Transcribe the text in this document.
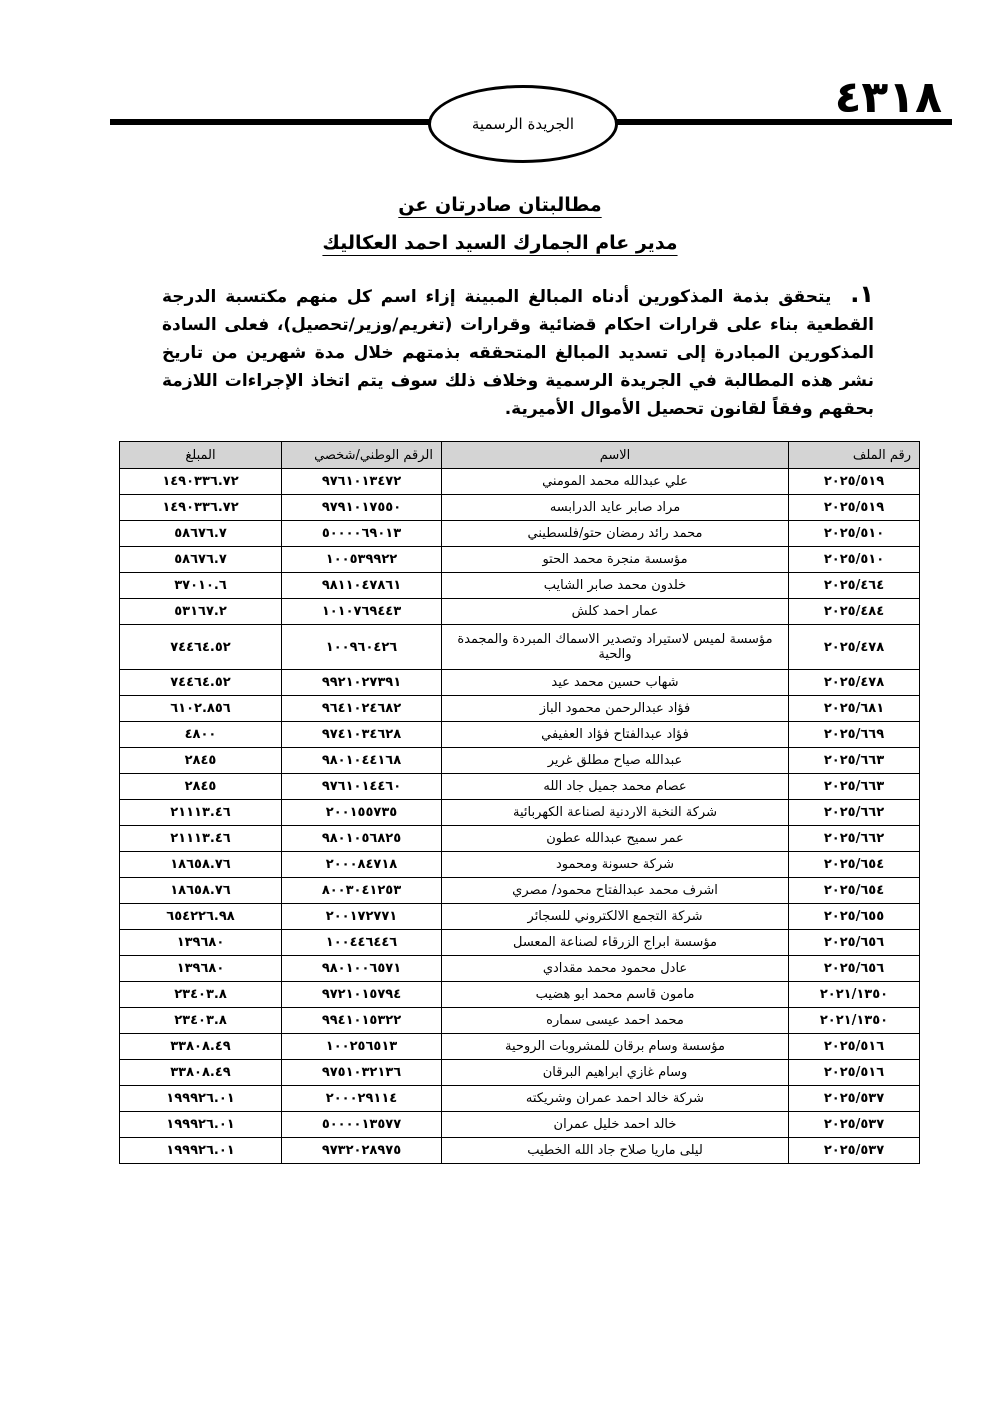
الجريدة الرسمية
٤٣١٨
مطالبتان صادرتان عن
مدير عام الجمارك السيد احمد العكاليك
١. يتحقق بذمة المذكورين أدناه المبالغ المبينة إزاء اسم كل منهم مكتسبة الدرجة القطعية بناء على قرارات احكام قضائية وقرارات (تغريم/وزير/تحصيل)، فعلى السادة المذكورين المبادرة إلى تسديد المبالغ المتحققه بذمتهم خلال مدة شهرين من تاريخ نشر هذه المطالبة في الجريدة الرسمية وخلاف ذلك سوف يتم اتخاذ الإجراءات اللازمة بحقهم وفقاً لقانون تحصيل الأموال الأميرية.
رقم الملف	الاسم	الرقم الوطني/شخصي	المبلغ
٢٠٢٥/٥١٩	علي عبدالله محمد المومني	٩٧٦١٠١٣٤٧٢	١٤٩٠٣٣٦.٧٢
٢٠٢٥/٥١٩	مراد صابر عايد الدرابسه	٩٧٩١٠١٧٥٥٠	١٤٩٠٣٣٦.٧٢
٢٠٢٥/٥١٠	محمد رائد رمضان حتو/فلسطيني	٥٠٠٠٠٦٩٠١٣	٥٨٦٧٦.٧
٢٠٢٥/٥١٠	مؤسسة منجرة محمد الحتو	١٠٠٥٣٩٩٢٢	٥٨٦٧٦.٧
٢٠٢٥/٤٦٤	خلدون محمد صابر الشايب	٩٨١١٠٤٧٨٦١	٣٧٠١٠.٦
٢٠٢٥/٤٨٤	عمار احمد كلش	١٠١٠٧٦٩٤٤٣	٥٣١٦٧.٢
٢٠٢٥/٤٧٨	مؤسسة لميس لاستيراد وتصدير الاسماك المبردة والمجمدة والحية	١٠٠٩٦٠٤٢٦	٧٤٤٦٤.٥٢
٢٠٢٥/٤٧٨	شهاب حسين محمد عيد	٩٩٢١٠٢٧٣٩١	٧٤٤٦٤.٥٢
٢٠٢٥/٦٨١	فؤاد عبدالرحمن محمود الباز	٩٦٤١٠٢٤٦٨٢	٦١٠٢.٨٥٦
٢٠٢٥/٦٦٩	فؤاد عبدالفتاح فؤاد العفيفي	٩٧٤١٠٣٤٦٢٨	٤٨٠٠
٢٠٢٥/٦٦٣	عبدالله صياح مطلق غرير	٩٨٠١٠٤٤١٦٨	٢٨٤٥
٢٠٢٥/٦٦٣	عصام محمد جميل جاد الله	٩٧٦١٠١٤٤٦٠	٢٨٤٥
٢٠٢٥/٦٦٢	شركة النخبة الاردنية لصناعة الكهربائية	٢٠٠١٥٥٧٣٥	٢١١١٣.٤٦
٢٠٢٥/٦٦٢	عمر سميح عبدالله عطون	٩٨٠١٠٥٦٨٢٥	٢١١١٣.٤٦
٢٠٢٥/٦٥٤	شركة حسونة ومحمود	٢٠٠٠٨٤٧١٨	١٨٦٥٨.٧٦
٢٠٢٥/٦٥٤	اشرف محمد عبدالفتاح محمود/ مصري	٨٠٠٣٠٤١٢٥٣	١٨٦٥٨.٧٦
٢٠٢٥/٦٥٥	شركة التجمع الالكتروني للسجائر	٢٠٠١٧٢٧٧١	٦٥٤٢٢٦.٩٨
٢٠٢٥/٦٥٦	مؤسسة ابراج الزرقاء لصناعة المعسل	١٠٠٤٤٦٤٤٦	١٣٩٦٨٠
٢٠٢٥/٦٥٦	عادل محمود محمد مقدادي	٩٨٠١٠٠٦٥٧١	١٣٩٦٨٠
٢٠٢١/١٣٥٠	مامون قاسم محمد ابو هضيب	٩٧٢١٠١٥٧٩٤	٢٣٤٠٣.٨
٢٠٢١/١٣٥٠	محمد احمد عيسى سماره	٩٩٤١٠١٥٣٢٢	٢٣٤٠٣.٨
٢٠٢٥/٥١٦	مؤسسة وسام برقان للمشروبات الروحية	١٠٠٢٥٦٥١٣	٣٣٨٠٨.٤٩
٢٠٢٥/٥١٦	وسام غازي ابراهيم البرقان	٩٧٥١٠٣٢١٣٦	٣٣٨٠٨.٤٩
٢٠٢٥/٥٣٧	شركة خالد احمد عمران وشريكته	٢٠٠٠٢٩١١٤	١٩٩٩٢٦.٠١
٢٠٢٥/٥٣٧	خالد احمد خليل عمران	٥٠٠٠٠١٣٥٧٧	١٩٩٩٢٦.٠١
٢٠٢٥/٥٣٧	ليلى ماريا صلاح جاد الله الخطيب	٩٧٣٢٠٢٨٩٧٥	١٩٩٩٢٦.٠١
